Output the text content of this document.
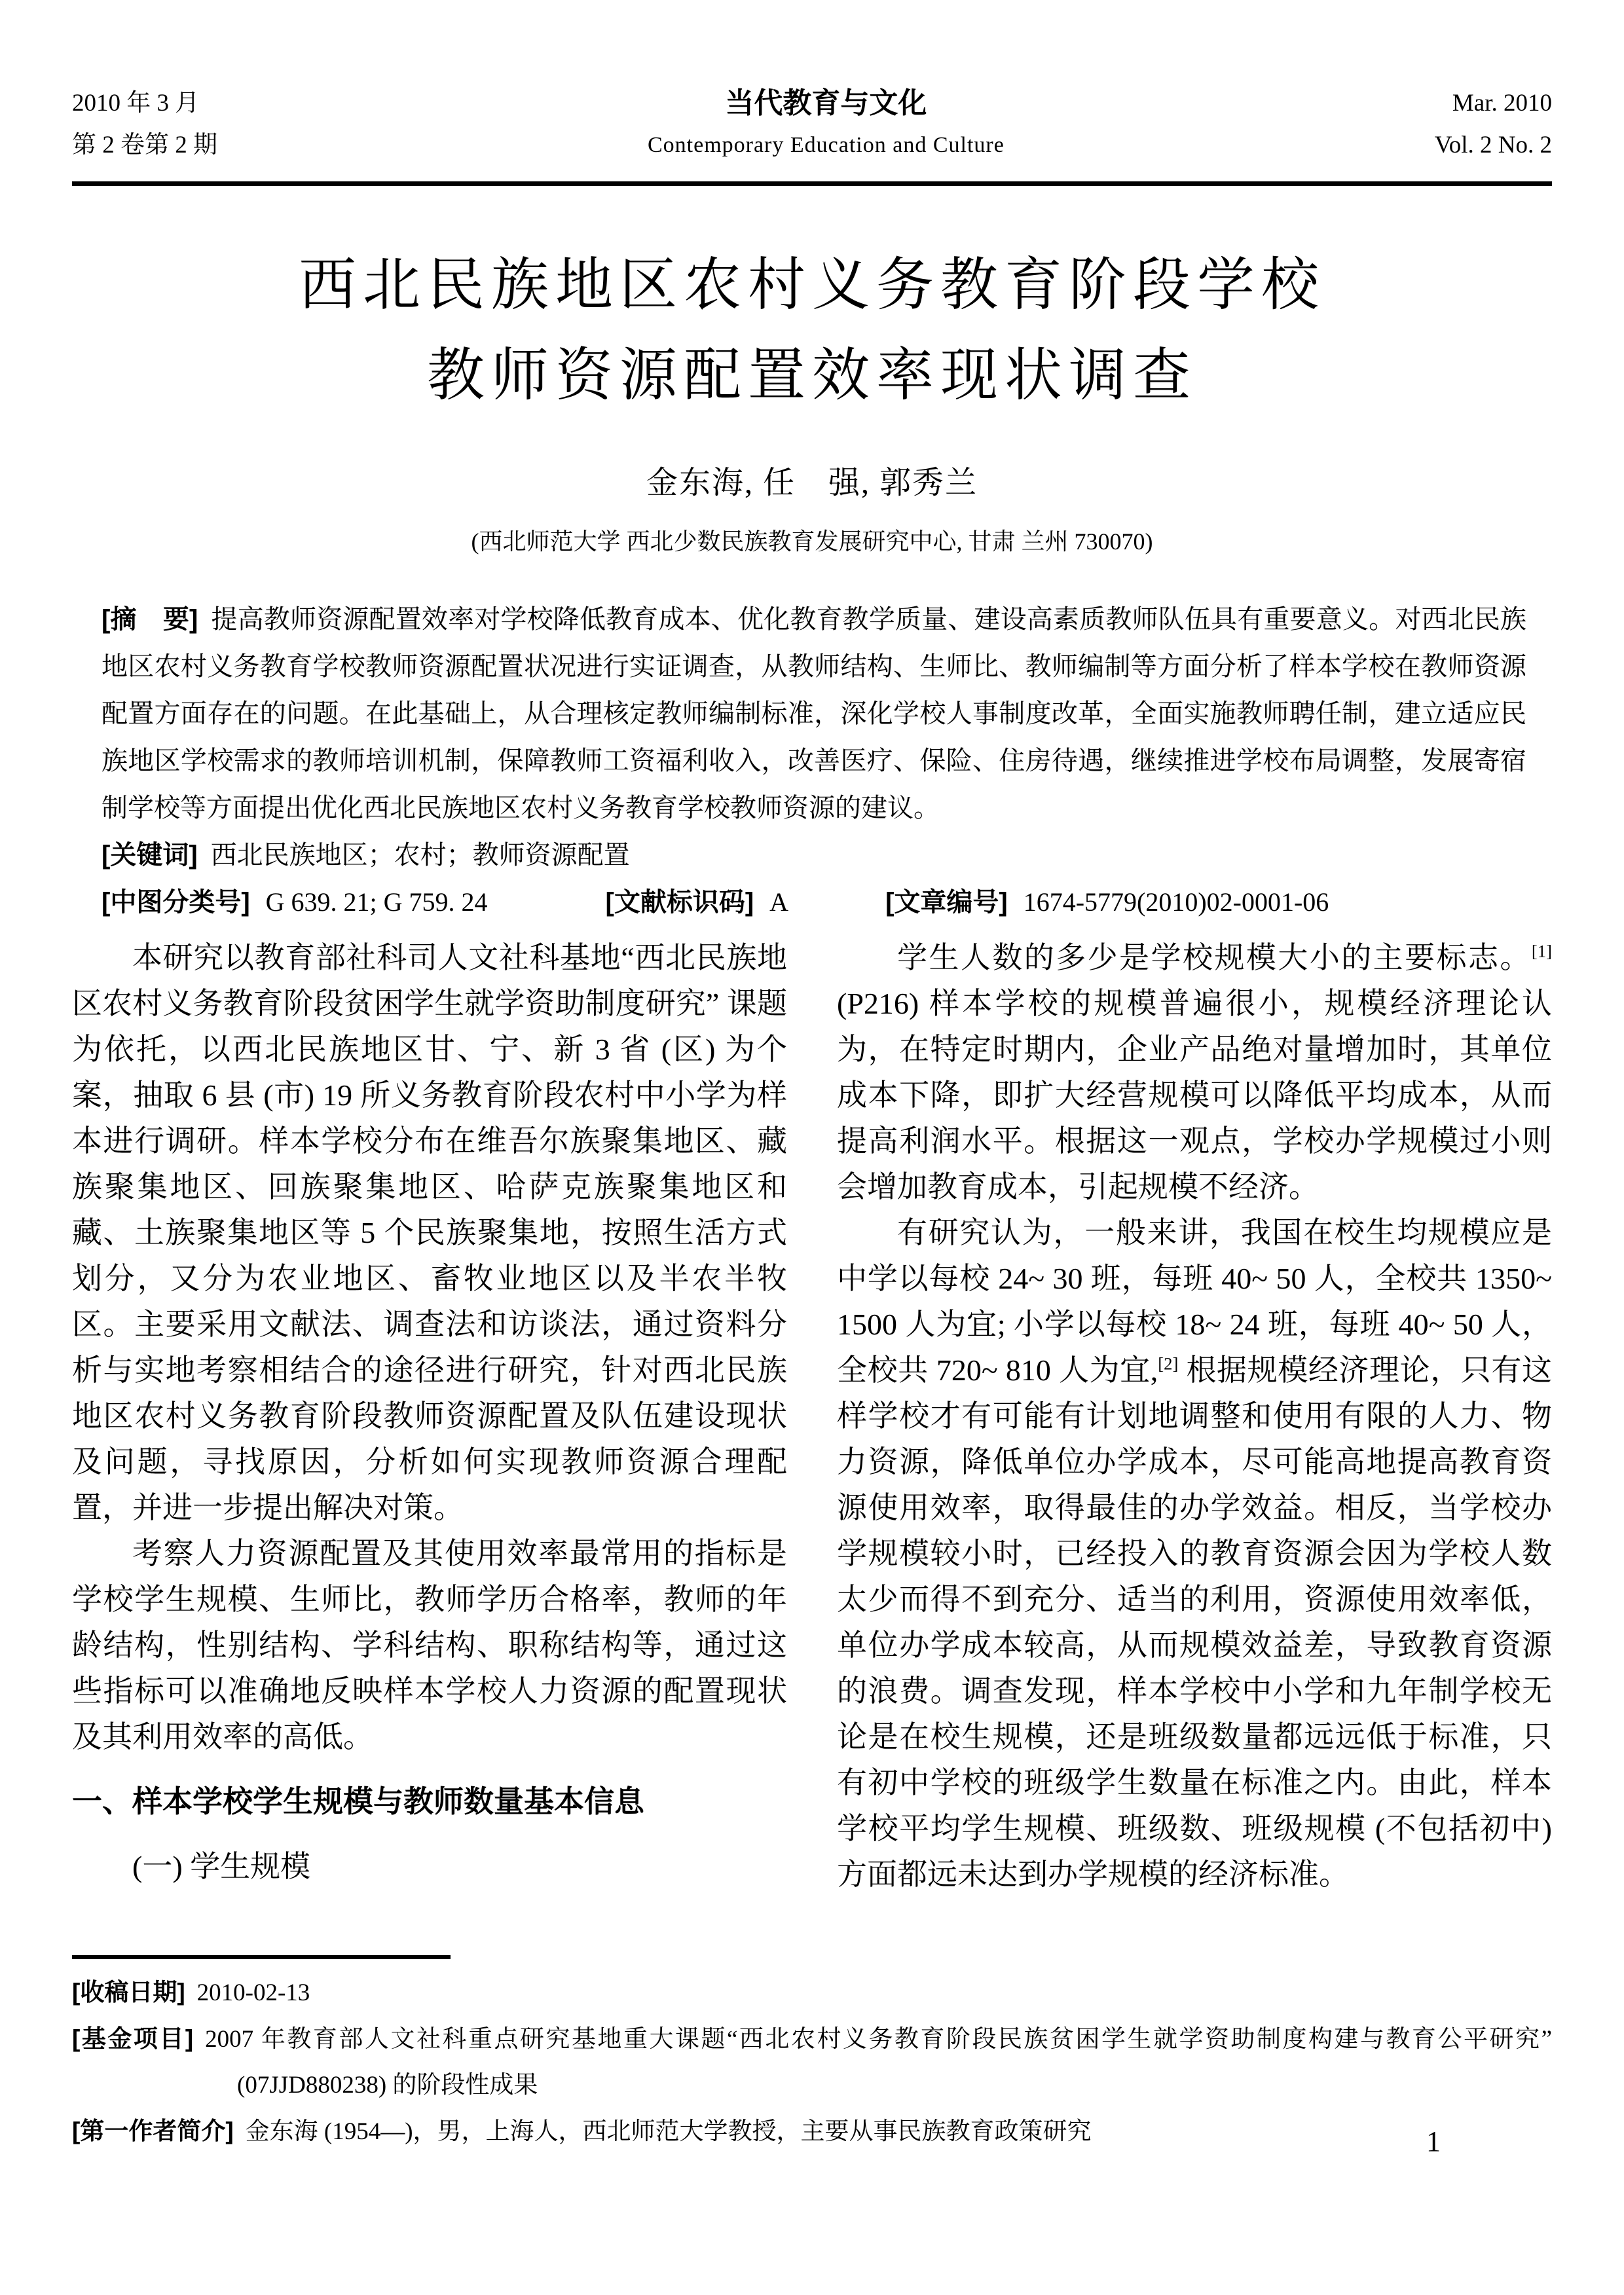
2010 年 3 月
第 2 卷第 2 期
当代教育与文化
Contemporary Education and Culture
Mar. 2010
Vol. 2 No. 2
西北民族地区农村义务教育阶段学校
教师资源配置效率现状调查
金东海, 任　强, 郭秀兰
(西北师范大学 西北少数民族教育发展研究中心, 甘肃 兰州 730070)

[摘　要] 提高教师资源配置效率对学校降低教育成本、优化教育教学质量、建设高素质教师队伍具有重要意义。对西北民族地区农村义务教育学校教师资源配置状况进行实证调查，从教师结构、生师比、教师编制等方面分析了样本学校在教师资源配置方面存在的问题。在此基础上，从合理核定教师编制标准，深化学校人事制度改革，全面实施教师聘任制，建立适应民族地区学校需求的教师培训机制，保障教师工资福利收入，改善医疗、保险、住房待遇，继续推进学校布局调整，发展寄宿制学校等方面提出优化西北民族地区农村义务教育学校教师资源的建议。

[关键词] 西北民族地区；农村；教师资源配置

[中图分类号] G 639. 21; G 759. 24	[文献标识码] A	[文章编号] 1674-5779(2010)02-0001-06

本研究以教育部社科司人文社科基地“西北民族地区农村义务教育阶段贫困学生就学资助制度研究” 课题为依托，以西北民族地区甘、宁、新 3 省 (区) 为个案，抽取 6 县 (市) 19 所义务教育阶段农村中小学为样本进行调研。样本学校分布在维吾尔族聚集地区、藏族聚集地区、回族聚集地区、哈萨克族聚集地区和藏、土族聚集地区等 5 个民族聚集地，按照生活方式划分，又分为农业地区、畜牧业地区以及半农半牧区。主要采用文献法、调查法和访谈法，通过资料分析与实地考察相结合的途径进行研究，针对西北民族地区农村义务教育阶段教师资源配置及队伍建设现状及问题，寻找原因，分析如何实现教师资源合理配置，并进一步提出解决对策。

考察人力资源配置及其使用效率最常用的指标是学校学生规模、生师比，教师学历合格率，教师的年龄结构，性别结构、学科结构、职称结构等，通过这些指标可以准确地反映样本学校人力资源的配置现状及其利用效率的高低。

一、样本学校学生规模与教师数量基本信息

(一) 学生规模

学生人数的多少是学校规模大小的主要标志。[1] (P216) 样本学校的规模普遍很小，规模经济理论认为，在特定时期内，企业产品绝对量增加时，其单位成本下降，即扩大经营规模可以降低平均成本，从而提高利润水平。根据这一观点，学校办学规模过小则会增加教育成本，引起规模不经济。

有研究认为，一般来讲，我国在校生均规模应是中学以每校 24~ 30 班，每班 40~ 50 人，全校共 1350~ 1500 人为宜; 小学以每校 18~ 24 班，每班 40~ 50 人，全校共 720~ 810 人为宜,[2] 根据规模经济理论，只有这样学校才有可能有计划地调整和使用有限的人力、物力资源，降低单位办学成本，尽可能高地提高教育资源使用效率，取得最佳的办学效益。相反，当学校办学规模较小时，已经投入的教育资源会因为学校人数太少而得不到充分、适当的利用，资源使用效率低，单位办学成本较高，从而规模效益差，导致教育资源的浪费。调查发现，样本学校中小学和九年制学校无论是在校生规模，还是班级数量都远远低于标准，只有初中学校的班级学生数量在标准之内。由此，样本学校平均学生规模、班级数、班级规模 (不包括初中) 方面都远未达到办学规模的经济标准。

[收稿日期] 2010-02-13

[基金项目] 2007 年教育部人文社科重点研究基地重大课题“西北农村义务教育阶段民族贫困学生就学资助制度构建与教育公平研究” (07JJD880238) 的阶段性成果

[第一作者简介] 金东海 (1954—)，男，上海人，西北师范大学教授，主要从事民族教育政策研究	1
